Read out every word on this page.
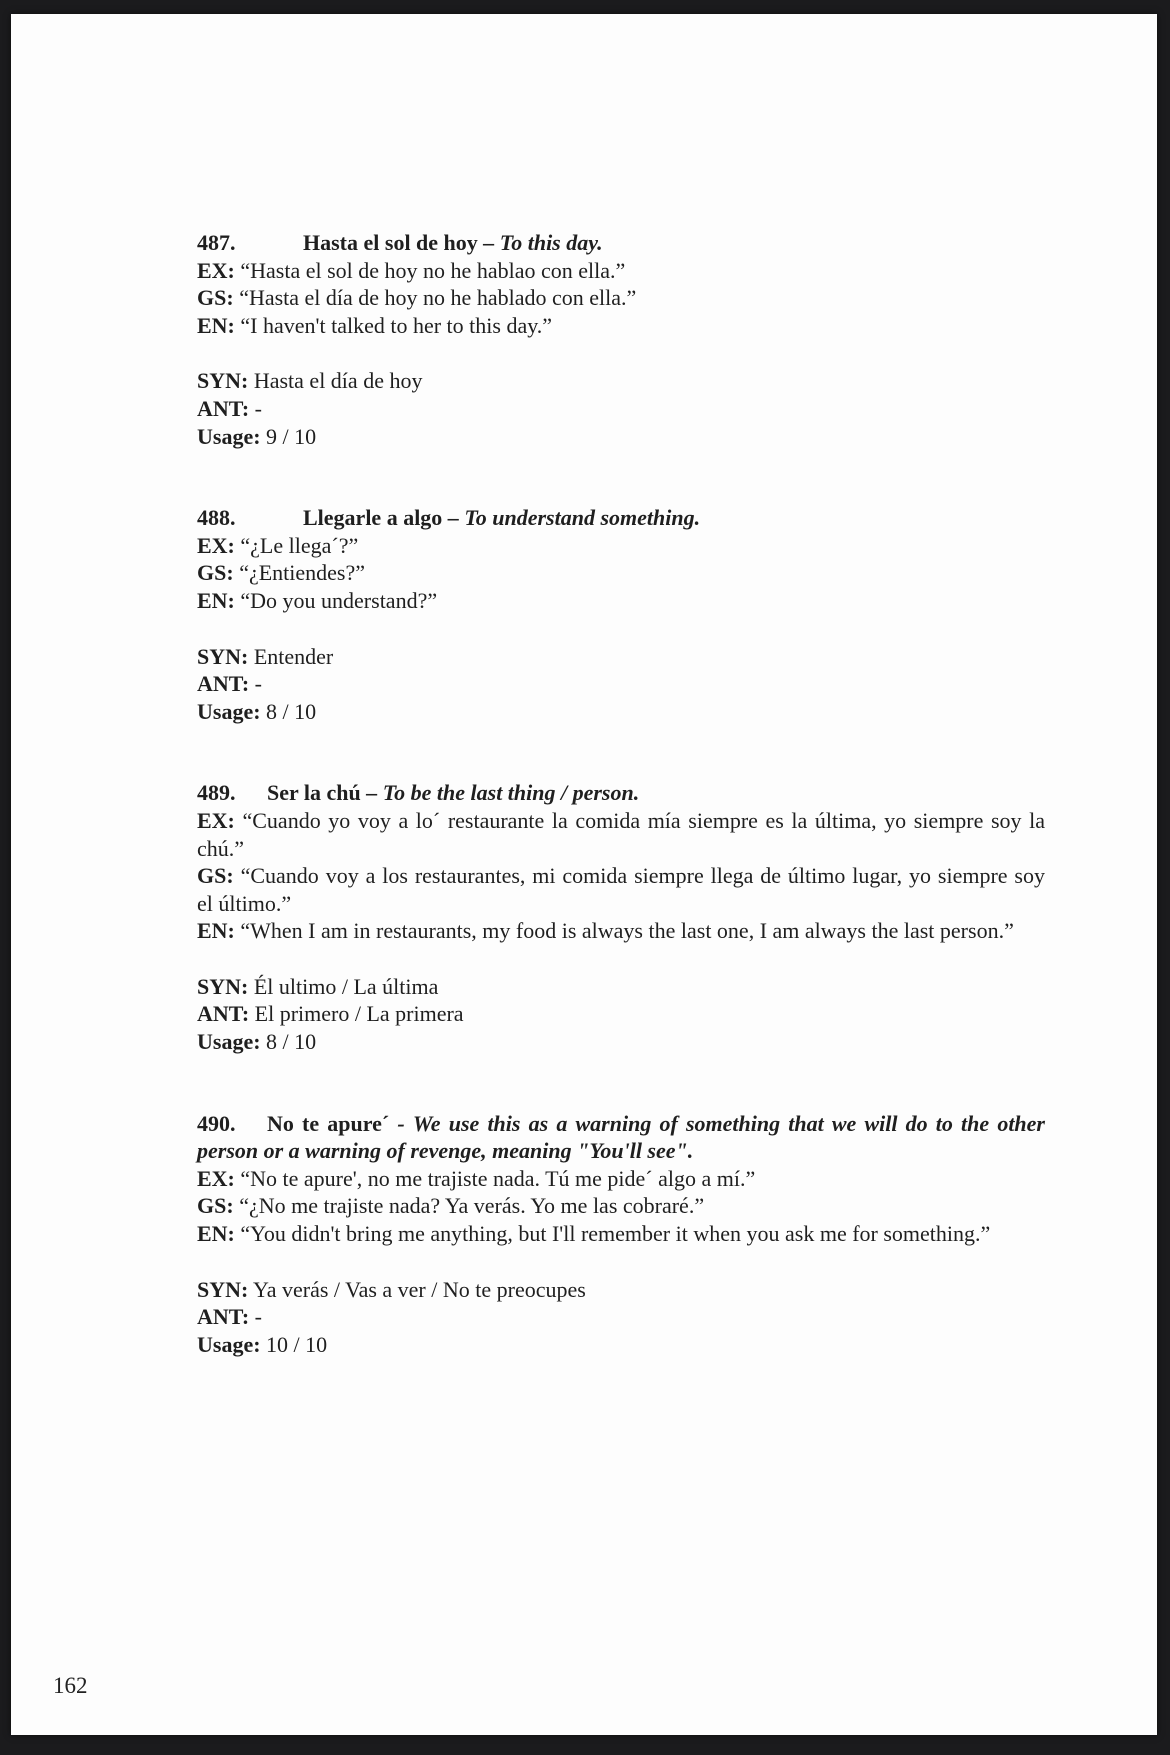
487.	Hasta el sol de hoy – To this day.

EX: “Hasta el sol de hoy no he hablao con ella.”

GS: “Hasta el día de hoy no he hablado con ella.”

EN: “I haven't talked to her to this day.”

SYN: Hasta el día de hoy

ANT: -

Usage: 9 / 10

488.	Llegarle a algo – To understand something.

EX: “¿Le llega´?”

GS: “¿Entiendes?”

EN: “Do you understand?”

SYN: Entender

ANT: -

Usage: 8 / 10

489. Ser la chú – To be the last thing / person.

EX: “Cuando yo voy a lo´ restaurante la comida mía siempre es la última, yo siempre soy la chú.”

GS: “Cuando voy a los restaurantes, mi comida siempre llega de último lugar, yo siempre soy el último.”

EN: “When I am in restaurants, my food is always the last one, I am always the last person.”

SYN: Él ultimo / La última

ANT: El primero / La primera

Usage: 8 / 10

490. No te apure´ - We use this as a warning of something that we will do to the other person or a warning of revenge, meaning "You'll see".

EX: “No te apure', no me trajiste nada. Tú me pide´ algo a mí.”

GS: “¿No me trajiste nada? Ya verás. Yo me las cobraré.”

EN: “You didn't bring me anything, but I'll remember it when you ask me for something.”

SYN: Ya verás / Vas a ver / No te preocupes

ANT: -

Usage: 10 / 10

162
